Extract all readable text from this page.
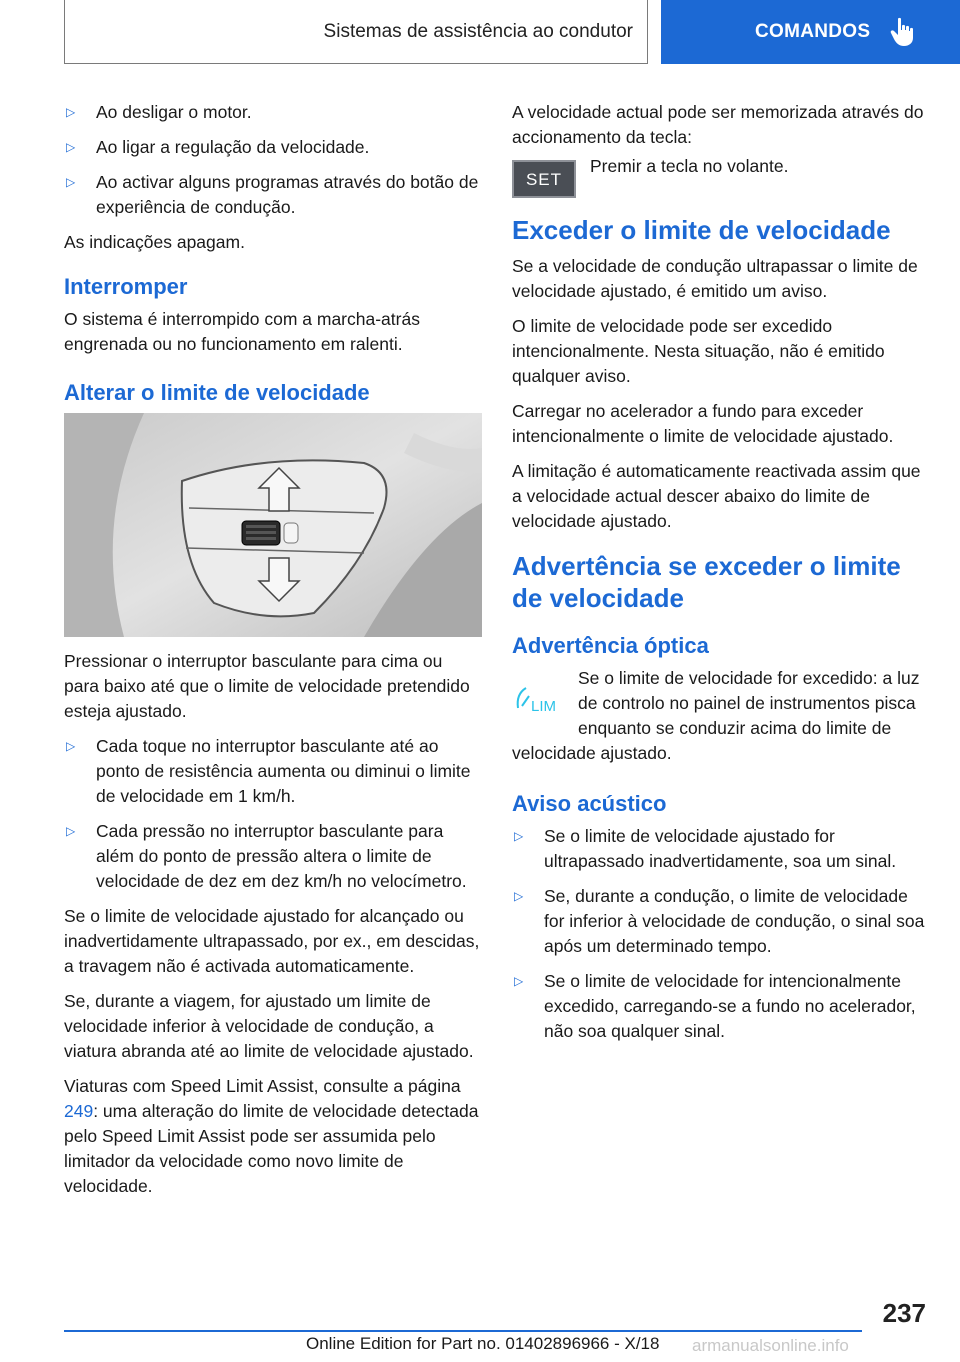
Sistemas de assistência ao condutor	COMANDOS
▷	Ao desligar o motor.
▷	Ao ligar a regulação da velocidade.
▷	Ao activar alguns programas através do botão de experiência de condução.

As indicações apagam.

Interromper

O sistema é interrompido com a marcha-atrás engrenada ou no funcionamento em ralenti.

Alterar o limite de velocidade

Pressionar o interruptor basculante para cima ou para baixo até que o limite de velocidade pretendido esteja ajustado.

▷	Cada toque no interruptor basculante até ao ponto de resistência aumenta ou diminui o limite de velocidade em 1 km/h.
▷	Cada pressão no interruptor basculante para além do ponto de pressão altera o limite de velocidade de dez em dez km/h no velocímetro.

Se o limite de velocidade ajustado for alcançado ou inadvertidamente ultrapassado, por ex., em descidas, a travagem não é activada automaticamente.

Se, durante a viagem, for ajustado um limite de velocidade inferior à velocidade de condução, a viatura abranda até ao limite de velocidade ajustado.

Viaturas com Speed Limit Assist, consulte a página 249: uma alteração do limite de velocidade detectada pelo Speed Limit Assist pode ser assumida pelo limitador da velocidade como novo limite de velocidade.

A velocidade actual pode ser memorizada através do accionamento da tecla:

SET
Premir a tecla no volante.
Exceder o limite de velocidade

Se a velocidade de condução ultrapassar o limite de velocidade ajustado, é emitido um aviso.

O limite de velocidade pode ser excedido intencionalmente. Nesta situação, não é emitido qualquer aviso.

Carregar no acelerador a fundo para exceder intencionalmente o limite de velocidade ajustado.

A limitação é automaticamente reactivada assim que a velocidade actual descer abaixo do limite de velocidade ajustado.

Advertência se exceder o limite de velocidade
Advertência óptica
LIM

Se o limite de velocidade for excedido: a luz de controlo no painel de instrumentos pisca enquanto se conduzir acima do limite de velocidade ajustado.

Aviso acústico
▷	Se o limite de velocidade ajustado for ultrapassado inadvertidamente, soa um sinal.
▷	Se, durante a condução, o limite de velocidade for inferior à velocidade de condução, o sinal soa após um determinado tempo.
▷	Se o limite de velocidade for intencionalmente excedido, carregando-se a fundo no acelerador, não soa qualquer sinal.
237
Online Edition for Part no. 01402896966 - X/18 armanualsonline.info
